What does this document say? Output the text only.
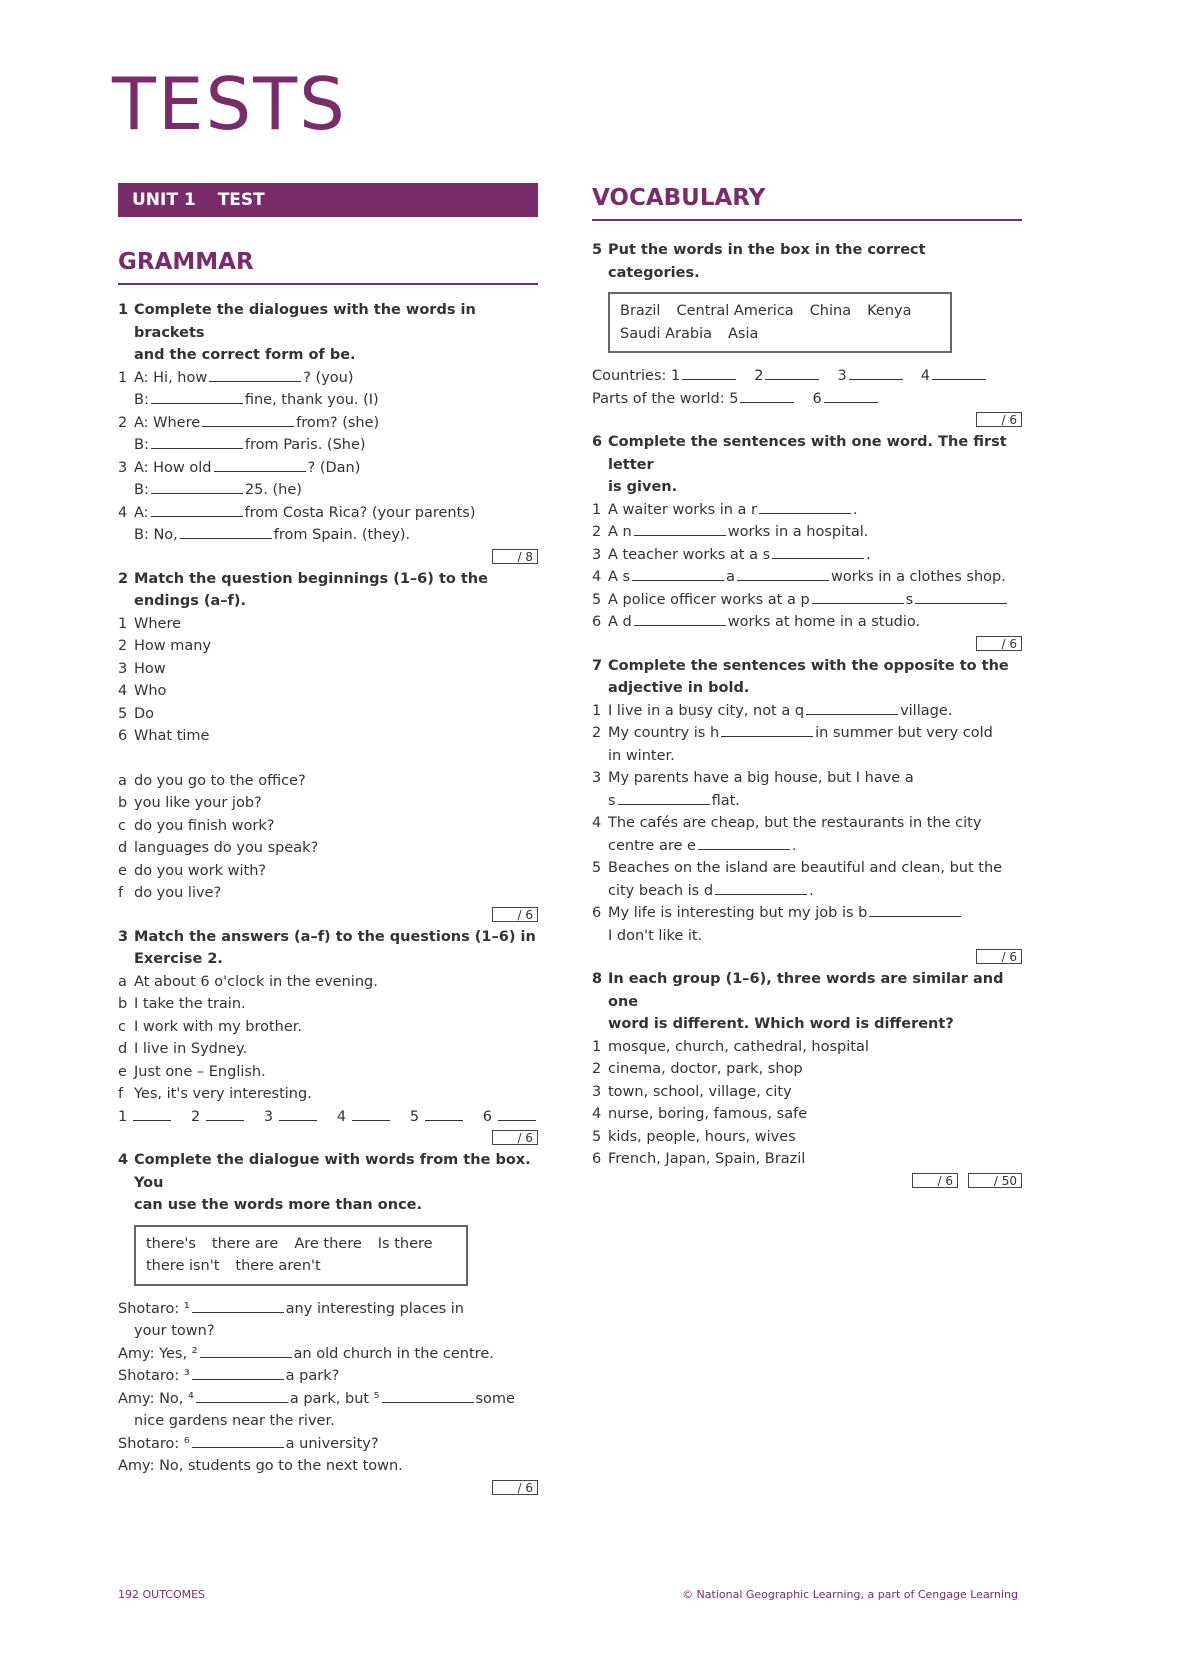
TESTS
UNIT 1 TEST
GRAMMAR
1 Complete the dialogues with the words in brackets
and the correct form of be.
1 A: Hi, how	? (you)
B:	fine, thank you. (I)
2 A: Where	from? (she)
B:	from Paris. (She)
3 A: How old	? (Dan)
B:	25. (he)
4 A:	from Costa Rica? (your parents)
B: No,	from Spain. (they).
/ 8
2 Match the question beginnings (1–6) to the
endings (a–f).
1 Where
2 How many
3 How
4 Who
5 Do
6 What time
a do you go to the office?
b you like your job?
c do you finish work?
d languages do you speak?
e do you work with?
f do you live?
/ 6
3 Match the answers (a–f) to the questions (1–6) in
Exercise 2.
a At about 6 o'clock in the evening.
b I take the train.
c I work with my brother.
d I live in Sydney.
e Just one – English.
f Yes, it's very interesting.
1	2	3	4	5	6
/ 6
4 Complete the dialogue with words from the box. You
can use the words more than once.
there's there are Are there Is there
there isn't there aren't
Shotaro: ¹	any interesting places in
your town?
Amy: Yes, ²	an old church in the centre.
Shotaro: ³	a park?
Amy: No, ⁴	a park, but ⁵	some
nice gardens near the river.
Shotaro: ⁶	a university?
Amy: No, students go to the next town.
/ 6
VOCABULARY
5 Put the words in the box in the correct categories.
Brazil Central America China Kenya
Saudi Arabia Asia
Countries: 1	2	3	4
Parts of the world: 5	6
/ 6
6 Complete the sentences with one word. The first letter
is given.
1 A waiter works in a r	.
2 A n	works in a hospital.
3 A teacher works at a s	.
4 A s	a	works in a clothes shop.
5 A police officer works at a p	s
6 A d	works at home in a studio.
/ 6
7 Complete the sentences with the opposite to the
adjective in bold.
1 I live in a busy city, not a q	village.
2 My country is h	in summer but very cold
in winter.
3 My parents have a big house, but I have a
s	flat.
4 The cafés are cheap, but the restaurants in the city
centre are e	.
5 Beaches on the island are beautiful and clean, but the
city beach is d	.
6 My life is interesting but my job is b
I don't like it.
/ 6
8 In each group (1–6), three words are similar and one
word is different. Which word is different?
1 mosque, church, cathedral, hospital
2 cinema, doctor, park, shop
3 town, school, village, city
4 nurse, boring, famous, safe
5 kids, people, hours, wives
6 French, Japan, Spain, Brazil
/ 6	/ 50
192 OUTCOMES	© National Geographic Learning, a part of Cengage Learning
